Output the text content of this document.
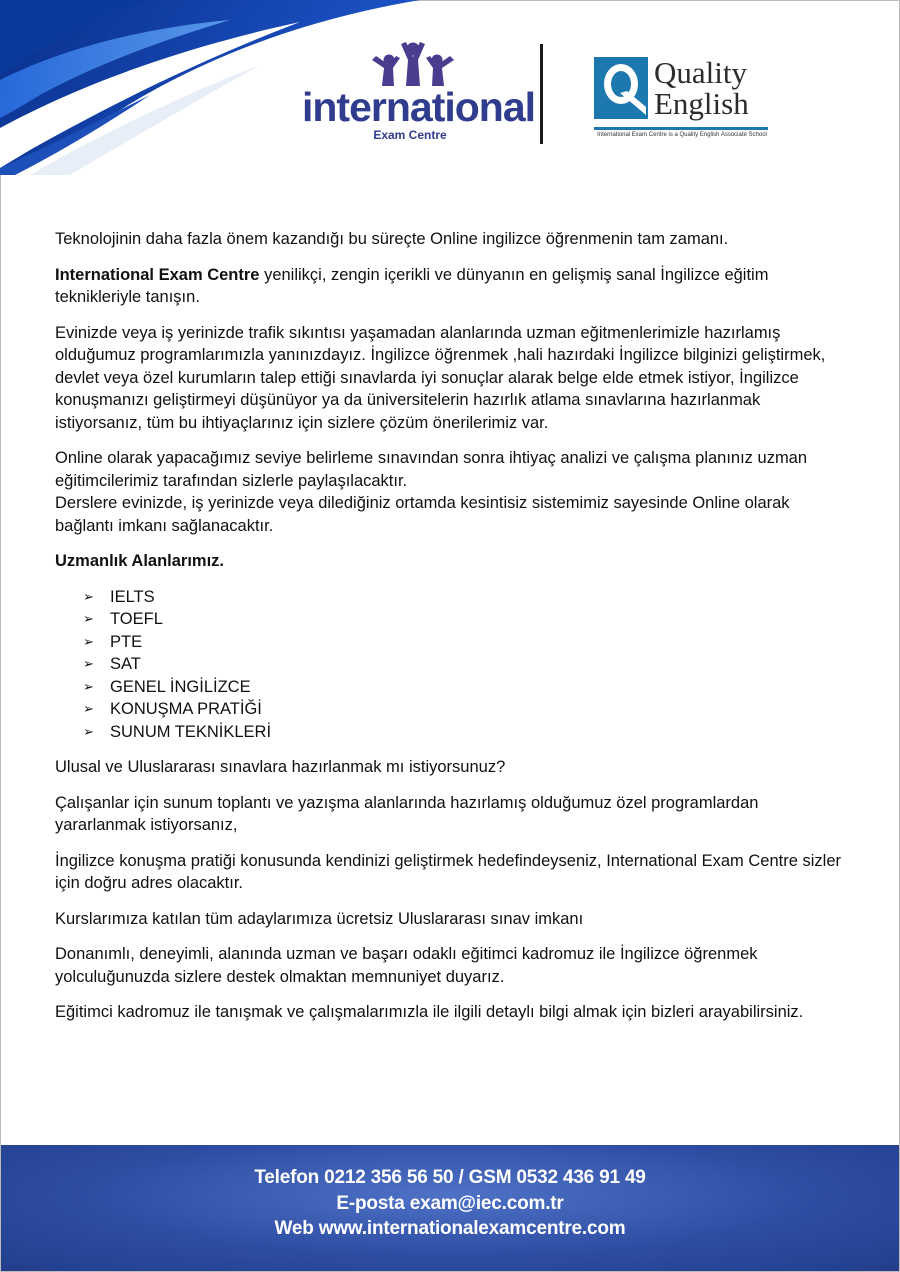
international
Exam Centre
Quality
English
International Exam Centre is a Quality English Associate School

Teknolojinin daha fazla önem kazandığı bu süreçte Online ingilizce öğrenmenin tam zamanı.

International Exam Centre yenilikçi, zengin içerikli ve dünyanın en gelişmiş sanal İngilizce eğitim teknikleriyle tanışın.

Evinizde veya iş yerinizde trafik sıkıntısı yaşamadan alanlarında uzman eğitmenlerimizle hazırlamış olduğumuz programlarımızla yanınızdayız. İngilizce öğrenmek ,hali hazırdaki İngilizce bilginizi geliştirmek, devlet veya özel kurumların talep ettiği sınavlarda iyi sonuçlar alarak belge elde etmek istiyor, İngilizce konuşmanızı geliştirmeyi düşünüyor ya da üniversitelerin hazırlık atlama sınavlarına hazırlanmak istiyorsanız, tüm bu ihtiyaçlarınız için sizlere çözüm önerilerimiz var.

Online olarak yapacağımız seviye belirleme sınavından sonra ihtiyaç analizi ve çalışma planınız uzman eğitimcilerimiz tarafından sizlerle paylaşılacaktır.

Derslere evinizde, iş yerinizde veya dilediğiniz ortamda kesintisiz sistemimiz sayesinde Online olarak bağlantı imkanı sağlanacaktır.

Uzmanlık Alanlarımız.

➢ IELTS
➢ TOEFL
➢ PTE
➢ SAT
➢ GENEL İNGİLİZCE
➢ KONUŞMA PRATİĞİ
➢ SUNUM TEKNİKLERİ

Ulusal ve Uluslararası sınavlara hazırlanmak mı istiyorsunuz?

Çalışanlar için sunum toplantı ve yazışma alanlarında hazırlamış olduğumuz özel programlardan yararlanmak istiyorsanız,

İngilizce konuşma pratiği konusunda kendinizi geliştirmek hedefindeyseniz, International Exam Centre sizler için doğru adres olacaktır.

Kurslarımıza katılan tüm adaylarımıza ücretsiz Uluslararası sınav imkanı

Donanımlı, deneyimli, alanında uzman ve başarı odaklı eğitimci kadromuz ile İngilizce öğrenmek yolculuğunuzda sizlere destek olmaktan memnuniyet duyarız.

Eğitimci kadromuz ile tanışmak ve çalışmalarımızla ile ilgili detaylı bilgi almak için bizleri arayabilirsiniz.

Telefon 0212 356 56 50 / GSM 0532 436 91 49
E-posta exam@iec.com.tr
Web www.internationalexamcentre.com
